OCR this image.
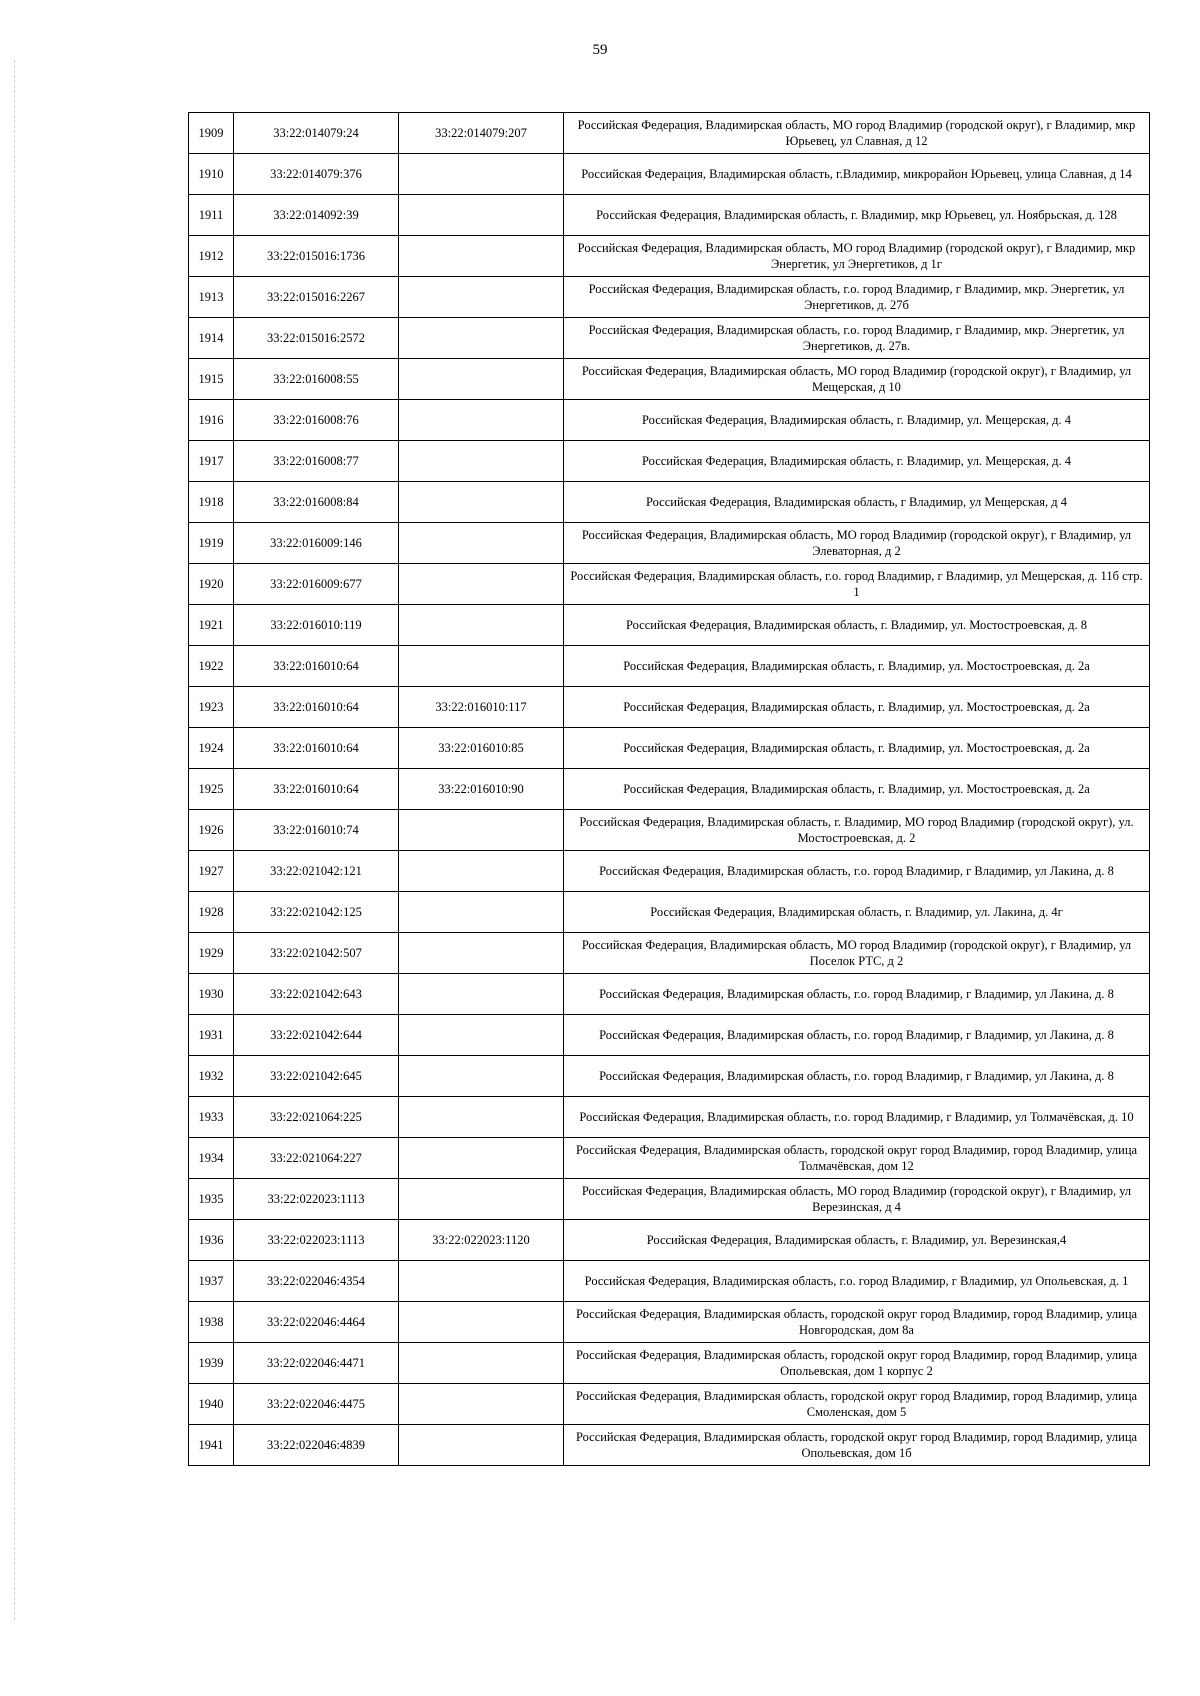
59
1909	33:22:014079:24	33:22:014079:207	Российская Федерация, Владимирская область, МО город Владимир (городской округ), г Владимир, мкр Юрьевец, ул Славная, д 12
1910	33:22:014079:376		Российская Федерация, Владимирская область, г.Владимир, микрорайон Юрьевец, улица Славная, д 14
1911	33:22:014092:39		Российская Федерация, Владимирская область, г. Владимир, мкр Юрьевец, ул. Ноябрьская, д. 128
1912	33:22:015016:1736		Российская Федерация, Владимирская область, МО город Владимир (городской округ), г Владимир, мкр Энергетик, ул Энергетиков, д 1г
1913	33:22:015016:2267		Российская Федерация, Владимирская область, г.о. город Владимир, г Владимир, мкр. Энергетик, ул Энергетиков, д. 27б
1914	33:22:015016:2572		Российская Федерация, Владимирская область, г.о. город Владимир, г Владимир, мкр. Энергетик, ул Энергетиков, д. 27в.
1915	33:22:016008:55		Российская Федерация, Владимирская область, МО город Владимир (городской округ), г Владимир, ул Мещерская, д 10
1916	33:22:016008:76		Российская Федерация, Владимирская область, г. Владимир, ул. Мещерская, д. 4
1917	33:22:016008:77		Российская Федерация, Владимирская область, г. Владимир, ул. Мещерская, д. 4
1918	33:22:016008:84		Российская Федерация, Владимирская область, г Владимир, ул Мещерская, д 4
1919	33:22:016009:146		Российская Федерация, Владимирская область, МО город Владимир (городской округ), г Владимир, ул Элеваторная, д 2
1920	33:22:016009:677		Российская Федерация, Владимирская область, г.о. город Владимир, г Владимир, ул Мещерская, д. 11б стр. 1
1921	33:22:016010:119		Российская Федерация, Владимирская область, г. Владимир, ул. Мостостроевская, д. 8
1922	33:22:016010:64		Российская Федерация, Владимирская область, г. Владимир, ул. Мостостроевская, д. 2а
1923	33:22:016010:64	33:22:016010:117	Российская Федерация, Владимирская область, г. Владимир, ул. Мостостроевская, д. 2а
1924	33:22:016010:64	33:22:016010:85	Российская Федерация, Владимирская область, г. Владимир, ул. Мостостроевская, д. 2а
1925	33:22:016010:64	33:22:016010:90	Российская Федерация, Владимирская область, г. Владимир, ул. Мостостроевская, д. 2а
1926	33:22:016010:74		Российская Федерация, Владимирская область, г. Владимир, МО город Владимир (городской округ), ул. Мостостроевская, д. 2
1927	33:22:021042:121		Российская Федерация, Владимирская область, г.о. город Владимир, г Владимир, ул Лакина, д. 8
1928	33:22:021042:125		Российская Федерация, Владимирская область, г. Владимир, ул. Лакина, д. 4г
1929	33:22:021042:507		Российская Федерация, Владимирская область, МО город Владимир (городской округ), г Владимир, ул Поселок РТС, д 2
1930	33:22:021042:643		Российская Федерация, Владимирская область, г.о. город Владимир, г Владимир, ул Лакина, д. 8
1931	33:22:021042:644		Российская Федерация, Владимирская область, г.о. город Владимир, г Владимир, ул Лакина, д. 8
1932	33:22:021042:645		Российская Федерация, Владимирская область, г.о. город Владимир, г Владимир, ул Лакина, д. 8
1933	33:22:021064:225		Российская Федерация, Владимирская область, г.о. город Владимир, г Владимир, ул Толмачёвская, д. 10
1934	33:22:021064:227		Российская Федерация, Владимирская область, городской округ город Владимир, город Владимир, улица Толмачёвская, дом 12
1935	33:22:022023:1113		Российская Федерация, Владимирская область, МО город Владимир (городской округ), г Владимир, ул Верезинская, д 4
1936	33:22:022023:1113	33:22:022023:1120	Российская Федерация, Владимирская область, г. Владимир, ул. Верезинская,4
1937	33:22:022046:4354		Российская Федерация, Владимирская область, г.о. город Владимир, г Владимир, ул Опольевская, д. 1
1938	33:22:022046:4464		Российская Федерация, Владимирская область, городской округ город Владимир, город Владимир, улица Новгородская, дом 8а
1939	33:22:022046:4471		Российская Федерация, Владимирская область, городской округ город Владимир, город Владимир, улица Опольевская, дом 1 корпус 2
1940	33:22:022046:4475		Российская Федерация, Владимирская область, городской округ город Владимир, город Владимир, улица Смоленская, дом 5
1941	33:22:022046:4839		Российская Федерация, Владимирская область, городской округ город Владимир, город Владимир, улица Опольевская, дом 1б
